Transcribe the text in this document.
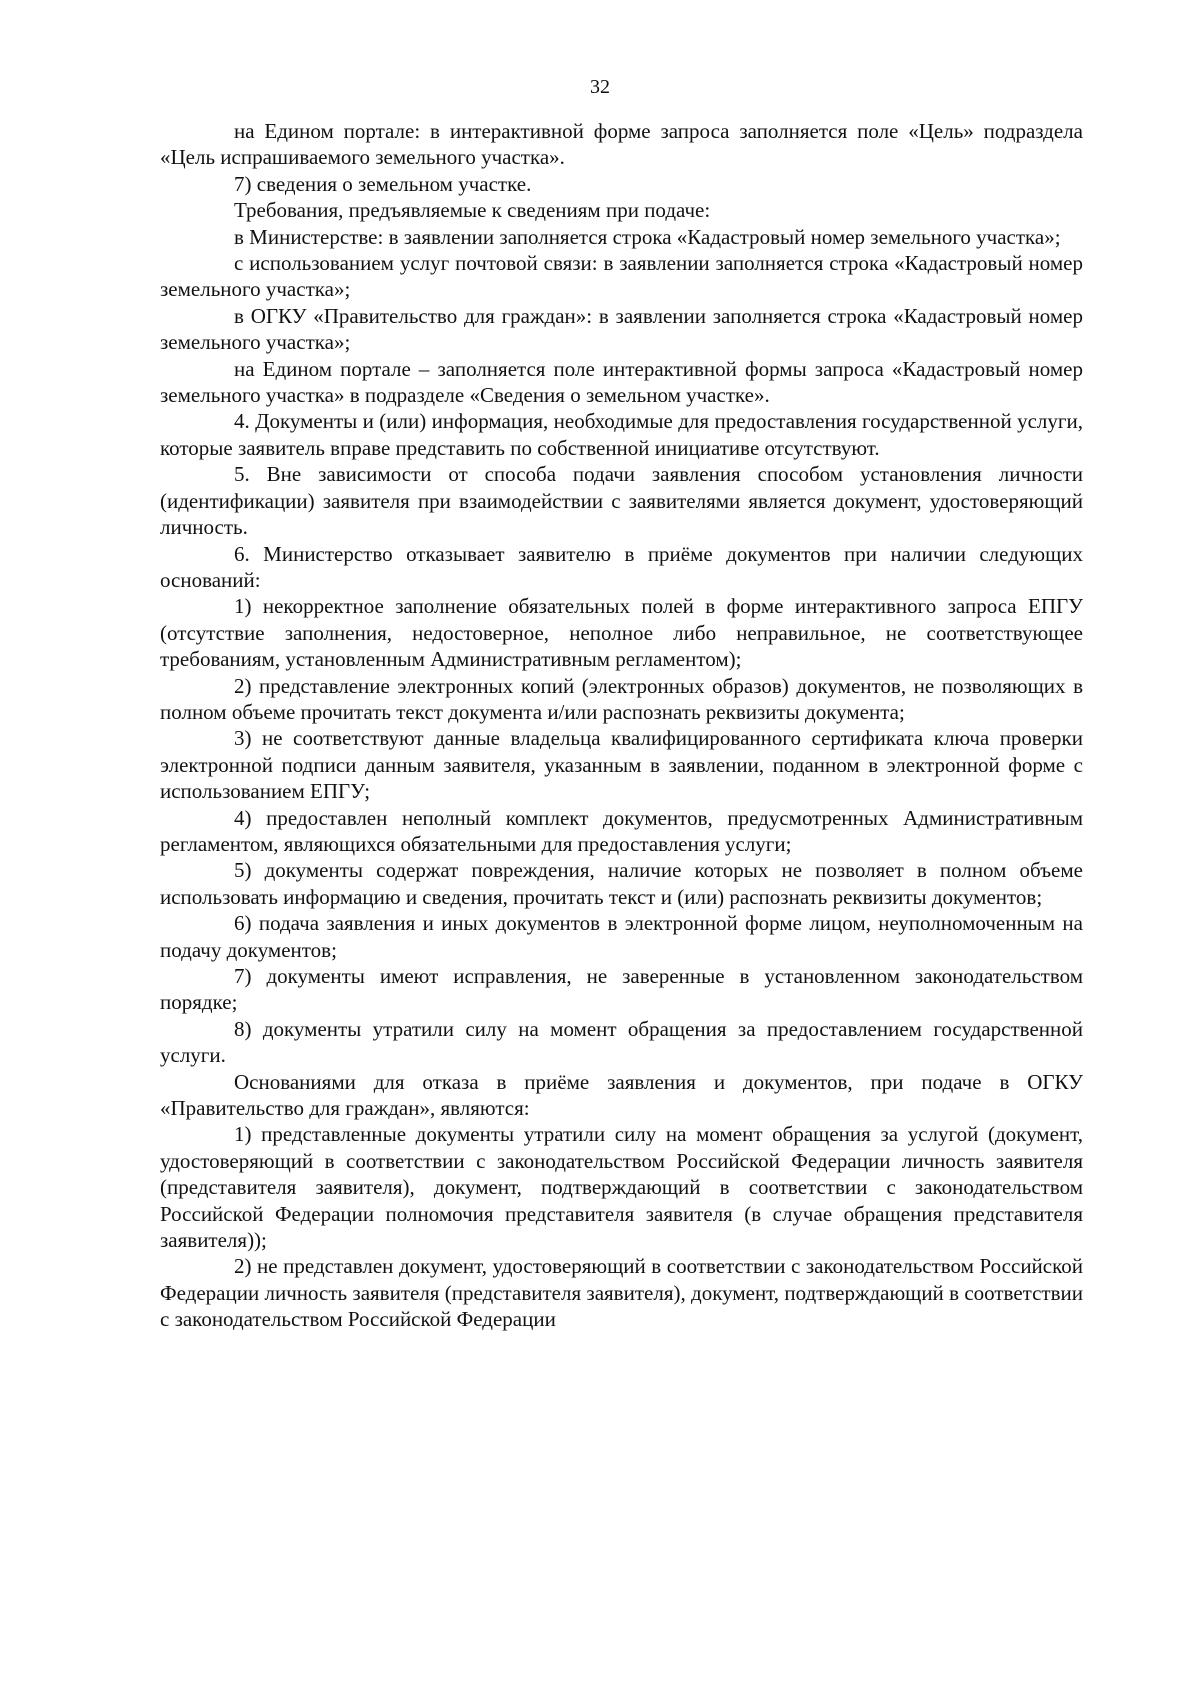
32

на Едином портале: в интерактивной форме запроса заполняется поле «Цель» подраздела «Цель испрашиваемого земельного участка».

7) сведения о земельном участке.

Требования, предъявляемые к сведениям при подаче:

в Министерстве: в заявлении заполняется строка «Кадастровый номер земельного участка»;

с использованием услуг почтовой связи: в заявлении заполняется строка «Кадастровый номер земельного участка»;

в ОГКУ «Правительство для граждан»: в заявлении заполняется строка «Кадастровый номер земельного участка»;

на Едином портале – заполняется поле интерактивной формы запроса «Кадастровый номер земельного участка» в подразделе «Сведения о земельном участке».

4. Документы и (или) информация, необходимые для предоставления государственной услуги, которые заявитель вправе представить по собственной инициативе отсутствуют.

5. Вне зависимости от способа подачи заявления способом установления личности (идентификации) заявителя при взаимодействии с заявителями является документ, удостоверяющий личность.

6. Министерство отказывает заявителю в приёме документов при наличии следующих оснований:

1) некорректное заполнение обязательных полей в форме интерактивного запроса ЕПГУ (отсутствие заполнения, недостоверное, неполное либо неправильное, не соответствующее требованиям, установленным Административным регламентом);

2) представление электронных копий (электронных образов) документов, не позволяющих в полном объеме прочитать текст документа и/или распознать реквизиты документа;

3) не соответствуют данные владельца квалифицированного сертификата ключа проверки электронной подписи данным заявителя, указанным в заявлении, поданном в электронной форме с использованием ЕПГУ;

4) предоставлен неполный комплект документов, предусмотренных Административным регламентом, являющихся обязательными для предоставления услуги;

5) документы содержат повреждения, наличие которых не позволяет в полном объеме использовать информацию и сведения, прочитать текст и (или) распознать реквизиты документов;

6) подача заявления и иных документов в электронной форме лицом, неуполномоченным на подачу документов;

7) документы имеют исправления, не заверенные в установленном законодательством порядке;

8) документы утратили силу на момент обращения за предоставлением государственной услуги.

Основаниями для отказа в приёме заявления и документов, при подаче в ОГКУ «Правительство для граждан», являются:

1) представленные документы утратили силу на момент обращения за услугой (документ, удостоверяющий в соответствии с законодательством Российской Федерации личность заявителя (представителя заявителя), документ, подтверждающий в соответствии с законодательством Российской Федерации полномочия представителя заявителя (в случае обращения представителя заявителя));

2) не представлен документ, удостоверяющий в соответствии с законодательством Российской Федерации личность заявителя (представителя заявителя), документ, подтверждающий в соответствии с законодательством Российской Федерации
